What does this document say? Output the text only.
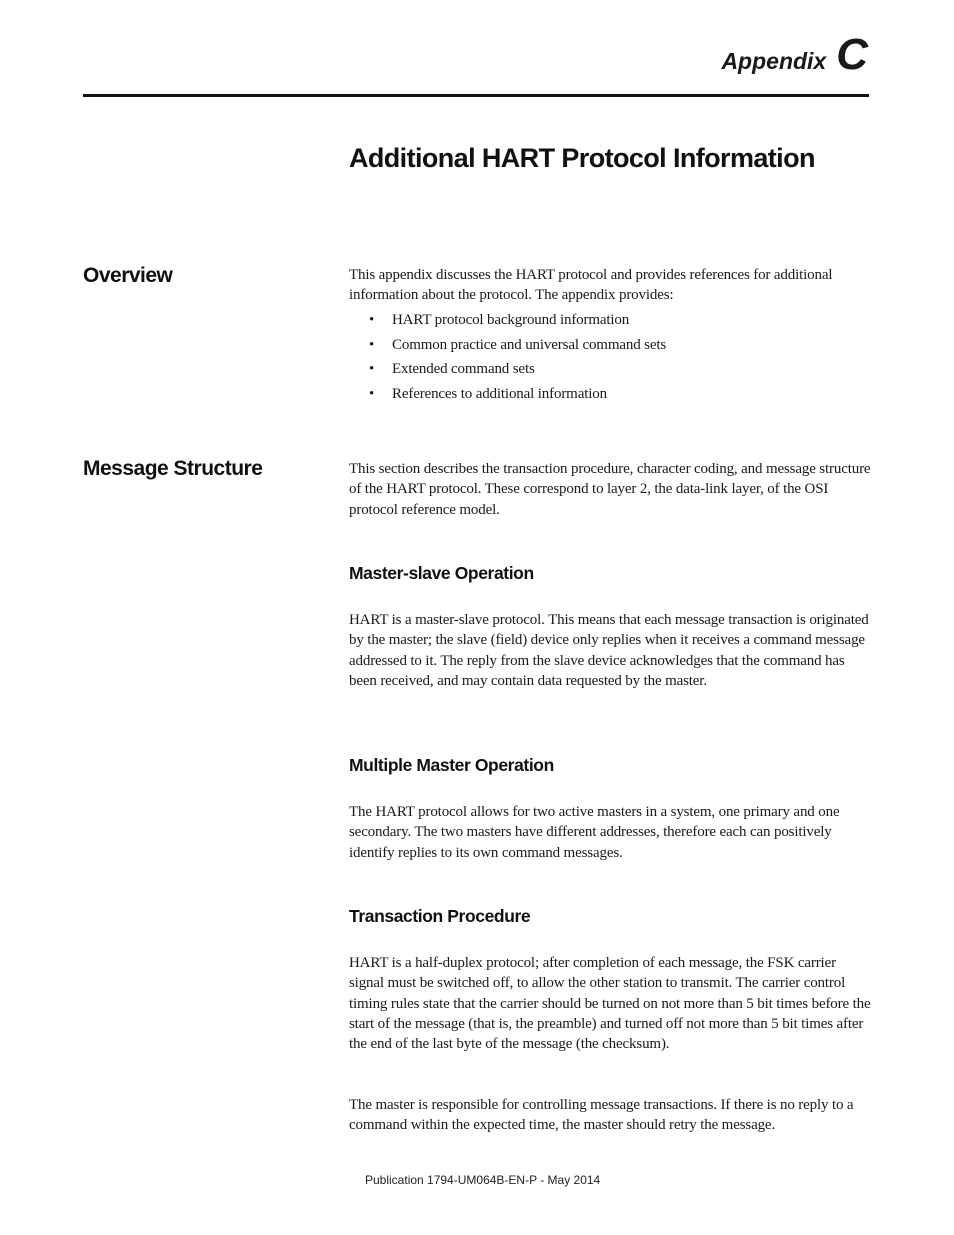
Appendix C
Additional HART Protocol Information
Overview	This appendix discusses the HART protocol and provides references for additional information about the protocol. The appendix provides:

•	HART protocol background information
•	Common practice and universal command sets
•	Extended command sets
•	References to additional information
Message Structure	This section describes the transaction procedure, character coding, and message structure of the HART protocol. These correspond to layer 2, the data-link layer, of the OSI protocol reference model.

Master-slave Operation

HART is a master-slave protocol. This means that each message transaction is originated by the master; the slave (field) device only replies when it receives a command message addressed to it. The reply from the slave device acknowledges that the command has been received, and may contain data requested by the master.

Multiple Master Operation

The HART protocol allows for two active masters in a system, one primary and one secondary. The two masters have different addresses, therefore each can positively identify replies to its own command messages.

Transaction Procedure

HART is a half-duplex protocol; after completion of each message, the FSK carrier signal must be switched off, to allow the other station to transmit. The carrier control timing rules state that the carrier should be turned on not more than 5 bit times before the start of the message (that is, the preamble) and turned off not more than 5 bit times after the end of the last byte of the message (the checksum).

The master is responsible for controlling message transactions. If there is no reply to a command within the expected time, the master should retry the message.

Publication 1794-UM064B-EN-P - May 2014
